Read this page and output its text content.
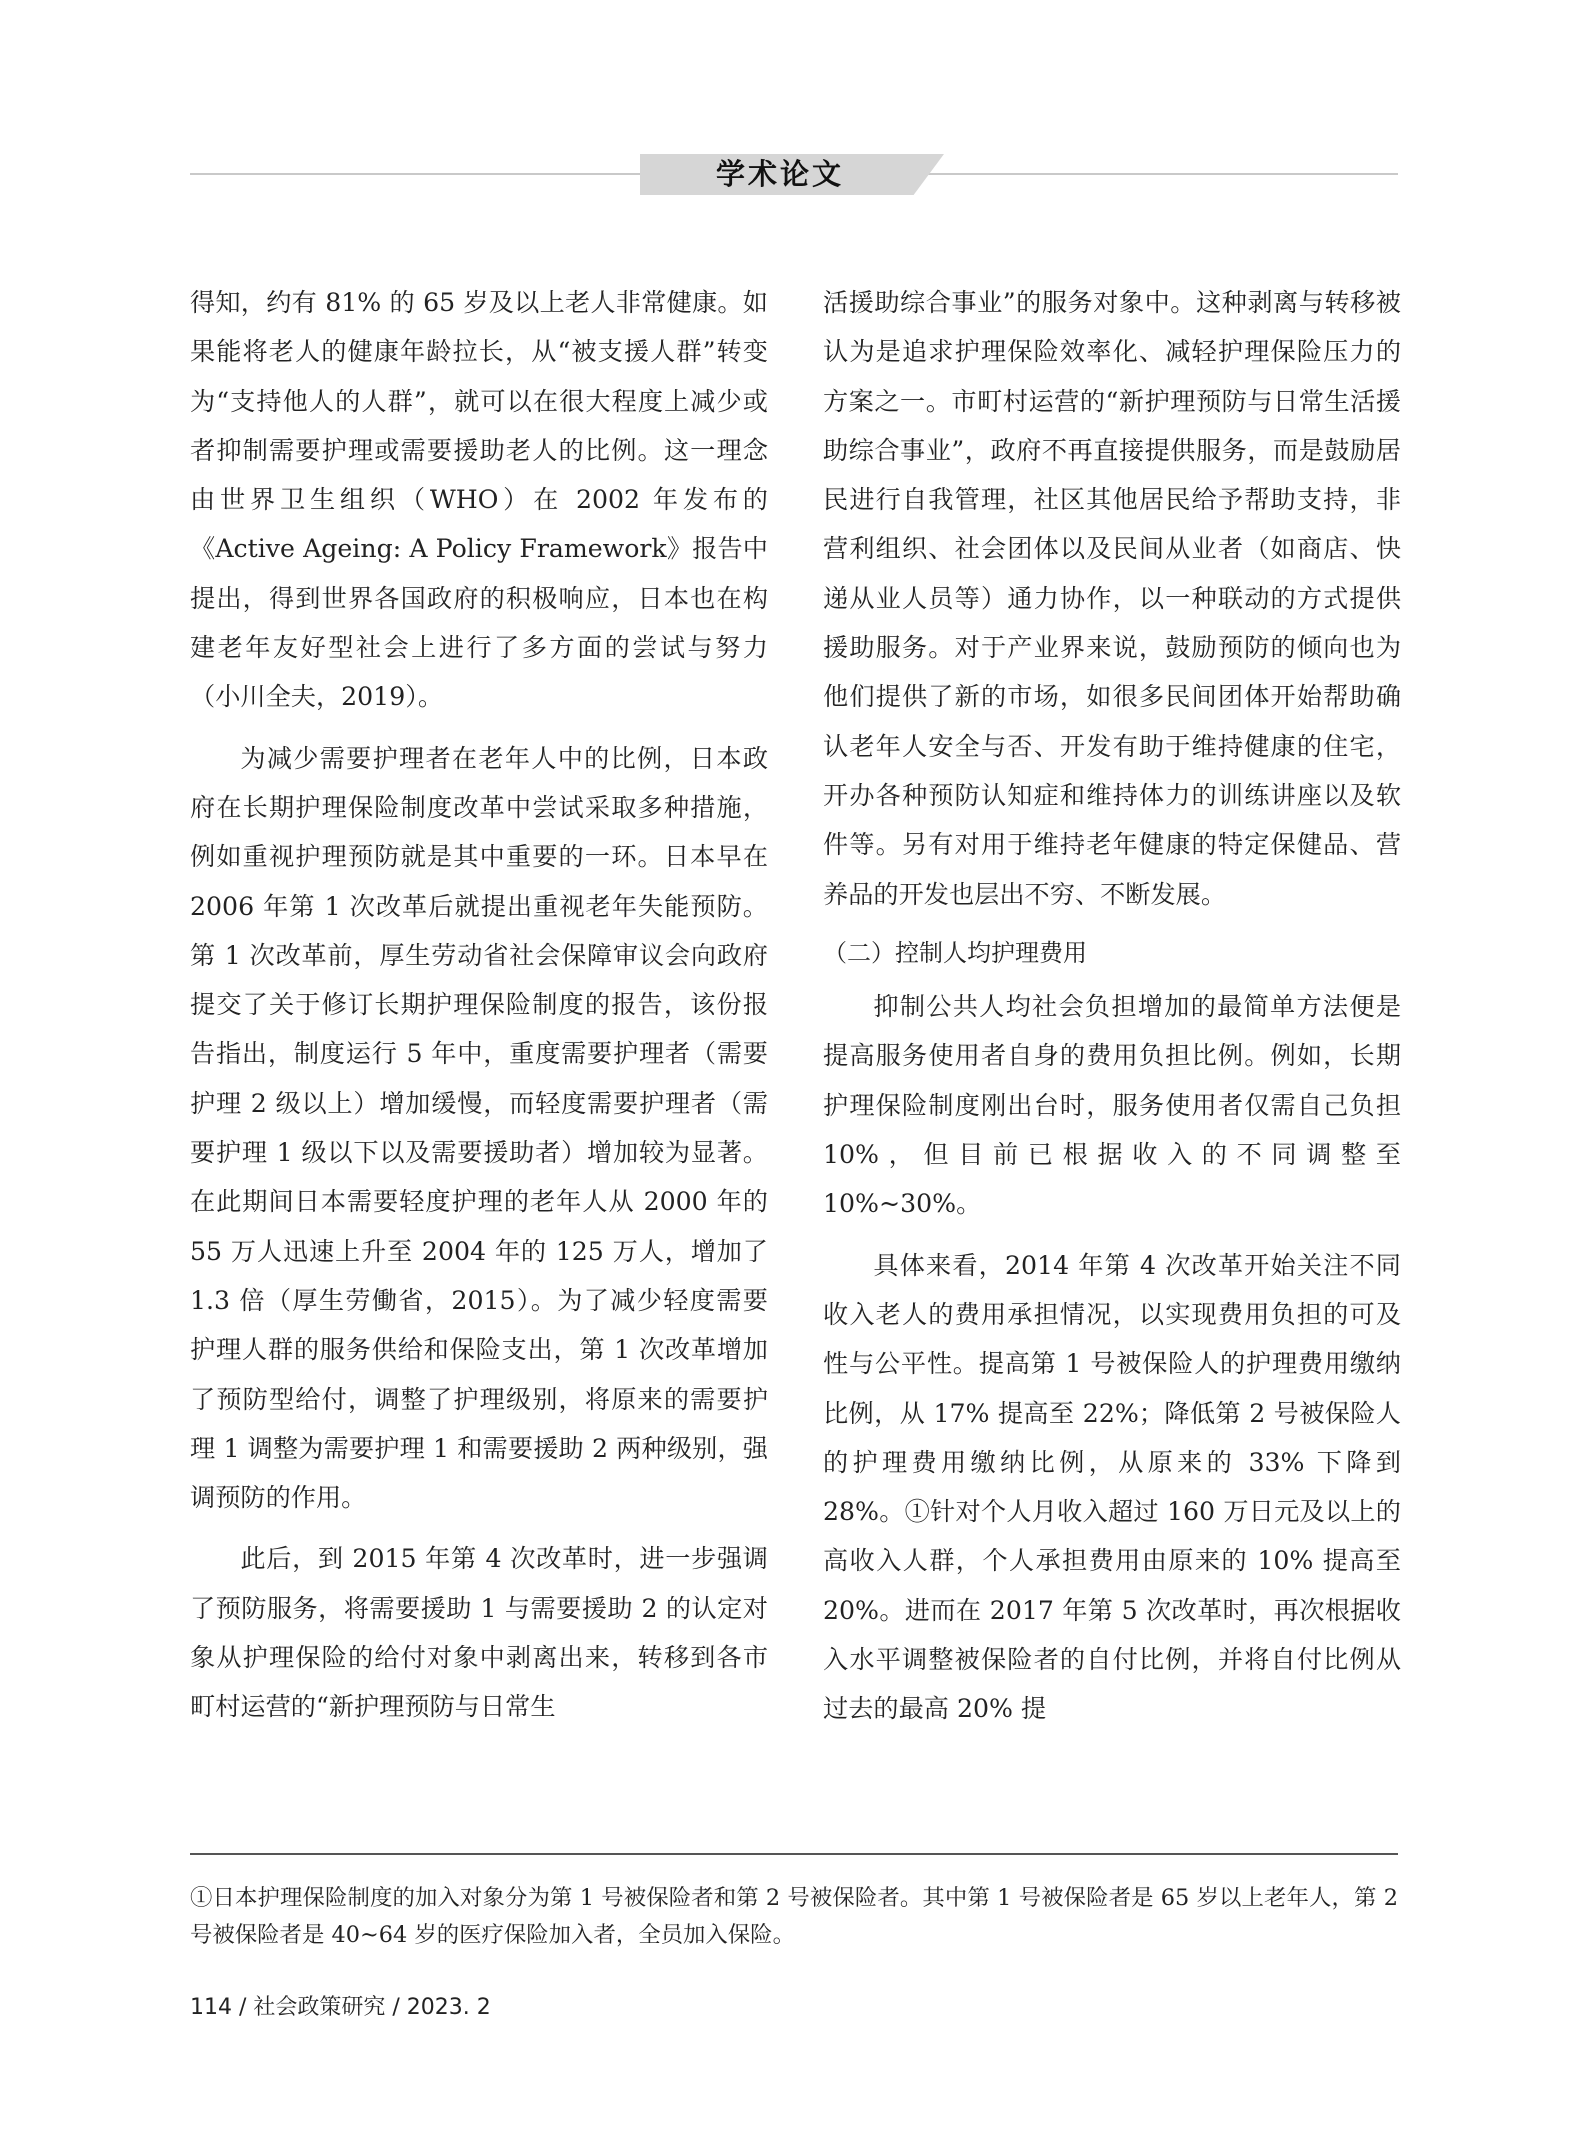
学术论文

得知，约有 81% 的 65 岁及以上老人非常健康。如果能将老人的健康年龄拉长，从“被支援人群”转变为“支持他人的人群”，就可以在很大程度上减少或者抑制需要护理或需要援助老人的比例。这一理念由世界卫生组织（WHO）在 2002 年发布的《Active Ageing: A Policy Framework》报告中提出，得到世界各国政府的积极响应，日本也在构建老年友好型社会上进行了多方面的尝试与努力（小川全夫，2019）。

为减少需要护理者在老年人中的比例，日本政府在长期护理保险制度改革中尝试采取多种措施，例如重视护理预防就是其中重要的一环。日本早在 2006 年第 1 次改革后就提出重视老年失能预防。第 1 次改革前，厚生劳动省社会保障审议会向政府提交了关于修订长期护理保险制度的报告，该份报告指出，制度运行 5 年中，重度需要护理者（需要护理 2 级以上）增加缓慢，而轻度需要护理者（需要护理 1 级以下以及需要援助者）增加较为显著。在此期间日本需要轻度护理的老年人从 2000 年的 55 万人迅速上升至 2004 年的 125 万人，增加了 1.3 倍（厚生劳働省，2015）。为了减少轻度需要护理人群的服务供给和保险支出，第 1 次改革增加了预防型给付，调整了护理级别，将原来的需要护理 1 调整为需要护理 1 和需要援助 2 两种级别，强调预防的作用。

此后，到 2015 年第 4 次改革时，进一步强调了预防服务，将需要援助 1 与需要援助 2 的认定对象从护理保险的给付对象中剥离出来，转移到各市町村运营的“新护理预防与日常生

活援助综合事业”的服务对象中。这种剥离与转移被认为是追求护理保险效率化、减轻护理保险压力的方案之一。市町村运营的“新护理预防与日常生活援助综合事业”，政府不再直接提供服务，而是鼓励居民进行自我管理，社区其他居民给予帮助支持，非营利组织、社会团体以及民间从业者（如商店、快递从业人员等）通力协作，以一种联动的方式提供援助服务。对于产业界来说，鼓励预防的倾向也为他们提供了新的市场，如很多民间团体开始帮助确认老年人安全与否、开发有助于维持健康的住宅，开办各种预防认知症和维持体力的训练讲座以及软件等。另有对用于维持老年健康的特定保健品、营养品的开发也层出不穷、不断发展。

（二）控制人均护理费用

抑制公共人均社会负担增加的最简单方法便是提高服务使用者自身的费用负担比例。例如，长期护理保险制度刚出台时，服务使用者仅需自己负担 10%，但目前已根据收入的不同调整至 10%~30%。

具体来看，2014 年第 4 次改革开始关注不同收入老人的费用承担情况，以实现费用负担的可及性与公平性。提高第 1 号被保险人的护理费用缴纳比例，从 17% 提高至 22%；降低第 2 号被保险人的护理费用缴纳比例，从原来的 33% 下降到 28%。①针对个人月收入超过 160 万日元及以上的高收入人群，个人承担费用由原来的 10% 提高至 20%。进而在 2017 年第 5 次改革时，再次根据收入水平调整被保险者的自付比例，并将自付比例从过去的最高 20% 提

①日本护理保险制度的加入对象分为第 1 号被保险者和第 2 号被保险者。其中第 1 号被保险者是 65 岁以上老年人，第 2 号被保险者是 40~64 岁的医疗保险加入者，全员加入保险。

114 / 社会政策研究 / 2023. 2
